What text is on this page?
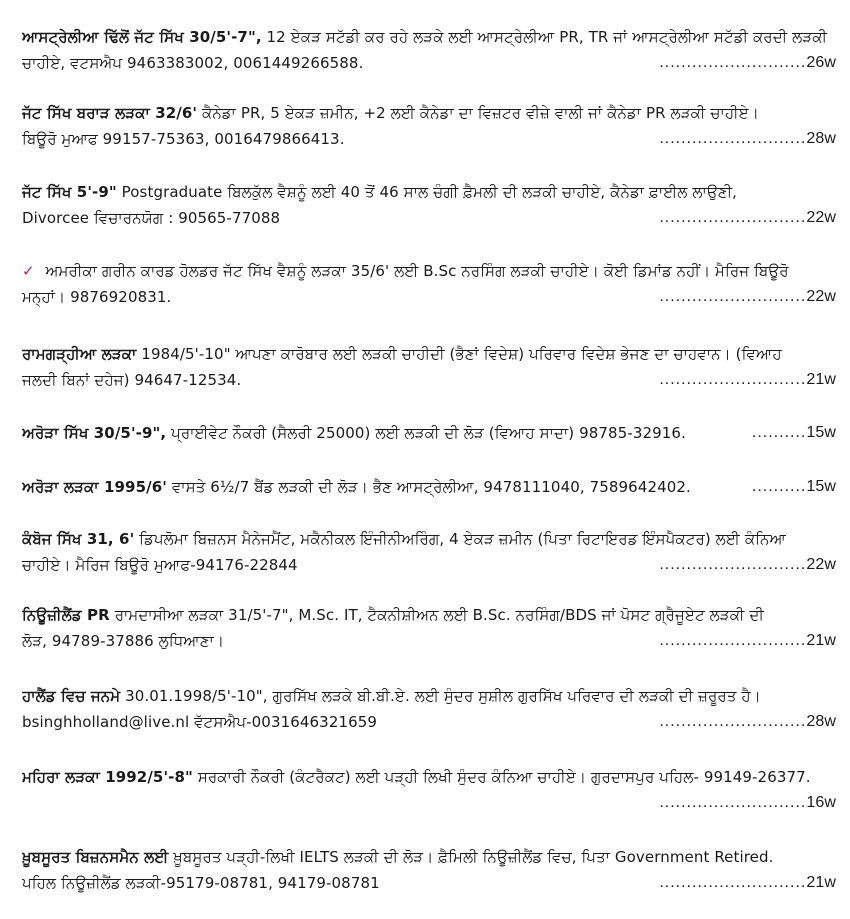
ਆਸਟ੍ਰੇਲੀਆ ਢਿੱਲੋਂ ਜੱਟ ਸਿੱਖ 30/5'-7", 12 ਏਕੜ ਸਟੱਡੀ ਕਰ ਰਹੇ ਲੜਕੇ ਲਈ ਆਸਟ੍ਰੇਲੀਆ PR, TR ਜਾਂ ਆਸਟ੍ਰੇਲੀਆ ਸਟੱਡੀ ਕਰਦੀ ਲੜਕੀ
ਚਾਹੀਏ, ਵਟਸਐਪ 9463383002, 0061449266588.	...........................26w
ਜੱਟ ਸਿੱਖ ਬਰਾੜ ਲੜਕਾ 32/6' ਕੈਨੇਡਾ PR, 5 ਏਕੜ ਜ਼ਮੀਨ, +2 ਲਈ ਕੈਨੇਡਾ ਦਾ ਵਿਜ਼ਟਰ ਵੀਜ਼ੇ ਵਾਲੀ ਜਾਂ ਕੈਨੇਡਾ PR ਲੜਕੀ ਚਾਹੀਏ।
ਬਿਊਰੋ ਮੁਆਫ 99157-75363, 0016479866413.	...........................28w
ਜੱਟ ਸਿੱਖ 5'-9" Postgraduate ਬਿਲਕੁੱਲ ਵੈਸ਼ਨੂੰ ਲਈ 40 ਤੋਂ 46 ਸਾਲ ਚੰਗੀ ਫ਼ੈਮਲੀ ਦੀ ਲੜਕੀ ਚਾਹੀਏ, ਕੈਨੇਡਾ ਫ਼ਾਈਲ ਲਾਉਣੀ,
Divorcee ਵਿਚਾਰਨਯੋਗ : 90565-77088	...........................22w
✓ ਅਮਰੀਕਾ ਗਰੀਨ ਕਾਰਡ ਹੋਲਡਰ ਜੱਟ ਸਿੱਖ ਵੈਸ਼ਨੂੰ ਲੜਕਾ 35/6' ਲਈ B.Sc ਨਰਸਿੰਗ ਲੜਕੀ ਚਾਹੀਏ। ਕੋਈ ਡਿਮਾਂਡ ਨਹੀਂ। ਮੈਰਿਜ ਬਿਊਰੋ
ਮਨ੍ਹਾਂ। 9876920831.	...........................22w
ਰਾਮਗੜ੍ਹੀਆ ਲੜਕਾ 1984/5'-10" ਆਪਣਾ ਕਾਰੋਬਾਰ ਲਈ ਲੜਕੀ ਚਾਹੀਦੀ (ਭੈਣਾਂ ਵਿਦੇਸ਼) ਪਰਿਵਾਰ ਵਿਦੇਸ਼ ਭੇਜਣ ਦਾ ਚਾਹਵਾਨ। (ਵਿਆਹ
ਜਲਦੀ ਬਿਨਾਂ ਦਹੇਜ) 94647-12534.	...........................21w
ਅਰੋੜਾ ਸਿੱਖ 30/5'-9", ਪ੍ਰਾਈਵੇਟ ਨੌਕਰੀ (ਸੈਲਰੀ 25000) ਲਈ ਲੜਕੀ ਦੀ ਲੋੜ (ਵਿਆਹ ਸਾਦਾ) 98785-32916.	..........15w
ਅਰੋੜਾ ਲੜਕਾ 1995/6' ਵਾਸਤੇ 6½/7 ਬੈਂਡ ਲੜਕੀ ਦੀ ਲੋੜ। ਭੈਣ ਆਸਟ੍ਰੇਲੀਆ, 9478111040, 7589642402.	..........15w
ਕੰਬੋਜ ਸਿੱਖ 31, 6' ਡਿਪਲੋਮਾ ਬਿਜ਼ਨਸ ਮੈਨੇਜਮੈਂਟ, ਮਕੈਨੀਕਲ ਇੰਜੀਨੀਅਰਿੰਗ, 4 ਏਕੜ ਜ਼ਮੀਨ (ਪਿਤਾ ਰਿਟਾਇਰਡ ਇੰਸਪੈਕਟਰ) ਲਈ ਕੰਨਿਆ
ਚਾਹੀਏ। ਮੈਰਿਜ ਬਿਊਰੋ ਮੁਆਫ-94176-22844	...........................22w
ਨਿਊਜ਼ੀਲੈਂਡ PR ਰਾਮਦਾਸੀਆ ਲੜਕਾ 31/5'-7", M.Sc. IT, ਟੈਕਨੀਸ਼ੀਅਨ ਲਈ B.Sc. ਨਰਸਿੰਗ/BDS ਜਾਂ ਪੋਸਟ ਗ੍ਰੈਜੂਏਟ ਲੜਕੀ ਦੀ
ਲੋੜ, 94789-37886 ਲੁਧਿਆਣਾ।	...........................21w
ਹਾਲੈਂਡ ਵਿਚ ਜਨਮੇ 30.01.1998/5'-10", ਗੁਰਸਿੱਖ ਲੜਕੇ ਬੀ.ਬੀ.ਏ. ਲਈ ਸੁੰਦਰ ਸੁਸ਼ੀਲ ਗੁਰਸਿੱਖ ਪਰਿਵਾਰ ਦੀ ਲੜਕੀ ਦੀ ਜ਼ਰੂਰਤ ਹੈ।
bsinghholland@live.nl ਵੱਟਸਐਪ-0031646321659	...........................28w
ਮਹਿਰਾ ਲੜਕਾ 1992/5'-8" ਸਰਕਾਰੀ ਨੌਕਰੀ (ਕੰਟਰੈਕਟ) ਲਈ ਪੜ੍ਹੀ ਲਿਖੀ ਸੁੰਦਰ ਕੰਨਿਆ ਚਾਹੀਏ। ਗੁਰਦਾਸਪੁਰ ਪਹਿਲ- 99149-26377.
...........................16w
ਖ਼ੂਬਸੂਰਤ ਬਿਜ਼ਨਸਮੈਨ ਲਈ ਖ਼ੂਬਸੂਰਤ ਪੜ੍ਹੀ-ਲਿਖੀ IELTS ਲੜਕੀ ਦੀ ਲੋੜ। ਫ਼ੈਮਿਲੀ ਨਿਊਜ਼ੀਲੈਂਡ ਵਿਚ, ਪਿਤਾ Government Retired.
ਪਹਿਲ ਨਿਊਜ਼ੀਲੈਂਡ ਲੜਕੀ-95179-08781, 94179-08781	...........................21w
